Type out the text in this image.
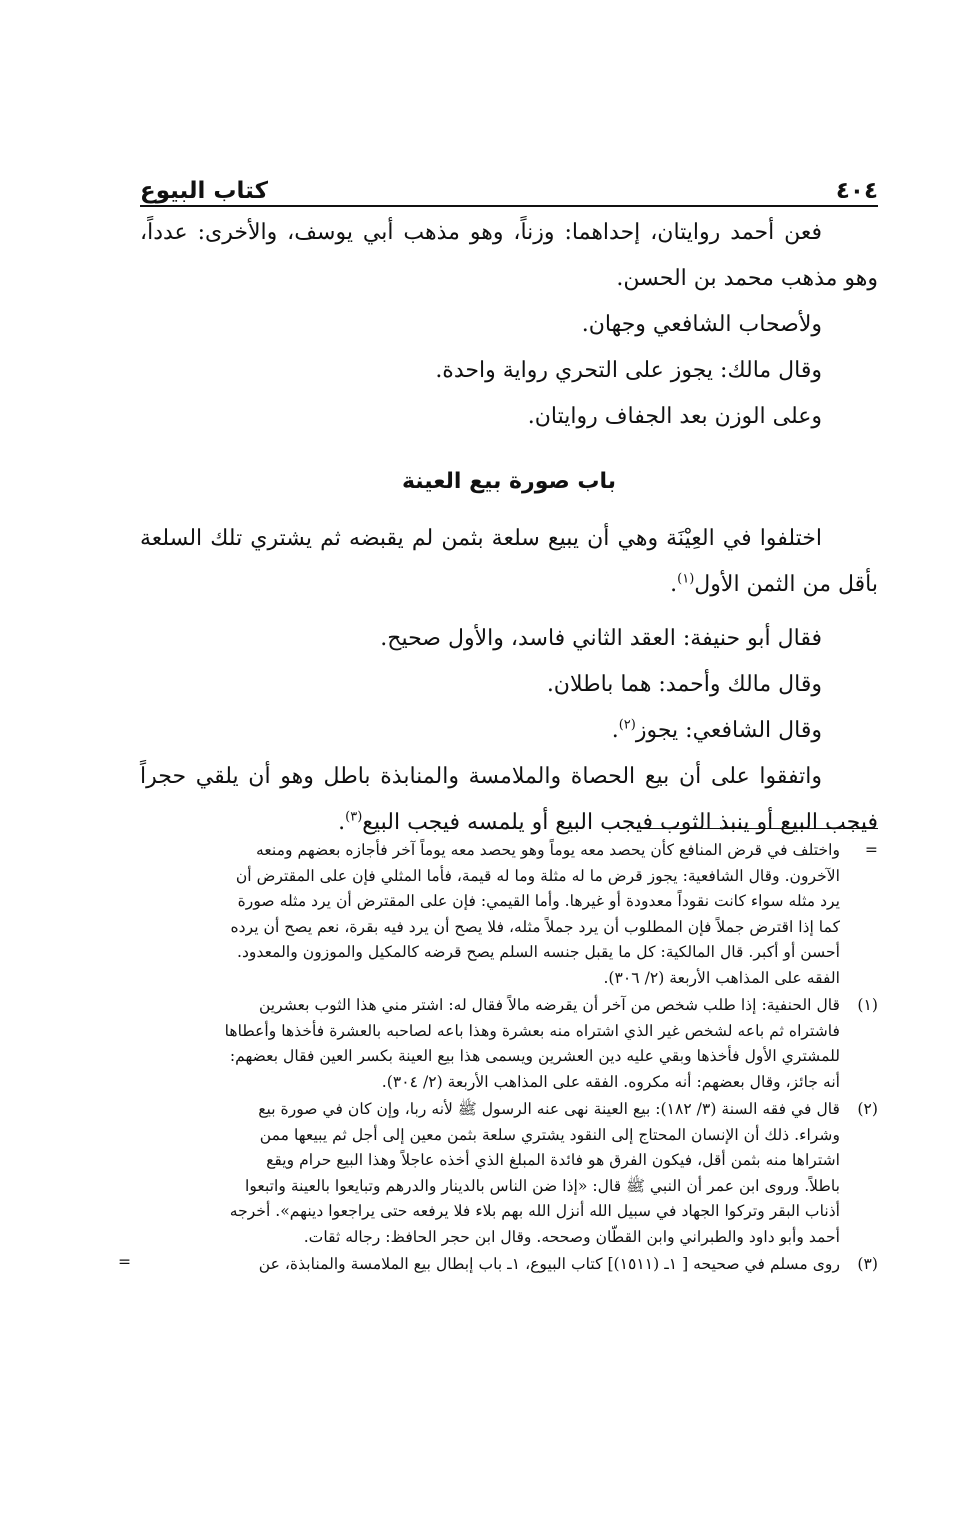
٤٠٤
كتاب البيوع

فعن أحمد روايتان، إحداهما: وزناً، وهو مذهب أبي يوسف، والأخرى: عدداً، وهو مذهب محمد بن الحسن.

ولأصحاب الشافعي وجهان.

وقال مالك: يجوز على التحري رواية واحدة.

وعلى الوزن بعد الجفاف روايتان.

باب صورة بيع العينة

اختلفوا في العِيْنَة وهي أن يبيع سلعة بثمن لم يقبضه ثم يشتري تلك السلعة بأقل من الثمن الأول$^{(١)}$.

فقال أبو حنيفة: العقد الثاني فاسد، والأول صحيح.

وقال مالك وأحمد: هما باطلان.

وقال الشافعي: يجوز$^{(٢)}$.

واتفقوا على أن بيع الحصاة والملامسة والمنابذة باطل وهو أن يلقي حجراً فيجب البيع أو ينبذ الثوب فيجب البيع أو يلمسه فيجب البيع$^{(٣)}$.

=
واختلف في قرض المنافع كأن يحصد معه يوماً وهو يحصد معه يوماً آخر فأجازه بعضهم ومنعه
الآخرون. وقال الشافعية: يجوز قرض ما له مثلة وما له قيمة، فأما المثلي فإن على المقترض أن
يرد مثله سواء كانت نقوداً معدودة أو غيرها. وأما القيمي: فإن على المقترض أن يرد مثله صورة
كما إذا اقترض جملاً فإن المطلوب أن يرد جملاً مثله، فلا يصح أن يرد فيه بقرة، نعم يصح أن يرده
أحسن أو أكبر. قال المالكية: كل ما يقبل جنسه السلم يصح قرضه كالمكيل والموزون والمعدود.
الفقه على المذاهب الأربعة (٢/ ٣٠٦).
(١)
قال الحنفية: إذا طلب شخص من آخر أن يقرضه مالاً فقال له: اشتر مني هذا الثوب بعشرين
فاشتراه ثم باعه لشخص غير الذي اشتراه منه بعشرة وهذا باعه لصاحبه بالعشرة فأخذها وأعطاها
للمشتري الأول فأخذها وبقي عليه دين العشرين ويسمى هذا بيع العينة بكسر العين فقال بعضهم:
أنه جائز، وقال بعضهم: أنه مكروه. الفقه على المذاهب الأربعة (٢/ ٣٠٤).
(٢)
قال في فقه السنة (٣/ ١٨٢): بيع العينة نهى عنه الرسول ﷺ لأنه ربا، وإن كان في صورة بيع
وشراء. ذلك أن الإنسان المحتاج إلى النقود يشتري سلعة بثمن معين إلى أجل ثم يبيعها ممن
اشتراها منه بثمن أقل، فيكون الفرق هو فائدة المبلغ الذي أخذه عاجلاً وهذا البيع حرام ويقع
باطلاً. وروى ابن عمر أن النبي ﷺ قال: «إذا ضن الناس بالدينار والدرهم وتبايعوا بالعينة واتبعوا
أذناب البقر وتركوا الجهاد في سبيل الله أنزل الله بهم بلاء فلا يرفعه حتى يراجعوا دينهم». أخرجه
أحمد وأبو داود والطبراني وابن القطّان وصححه. وقال ابن حجر الحافظ: رجاله ثقات.
(٣)
روى مسلم في صحيحه [ ١ـ (١٥١١)] كتاب البيوع، ١ـ باب إبطال بيع الملامسة والمنابذة، عن
=
